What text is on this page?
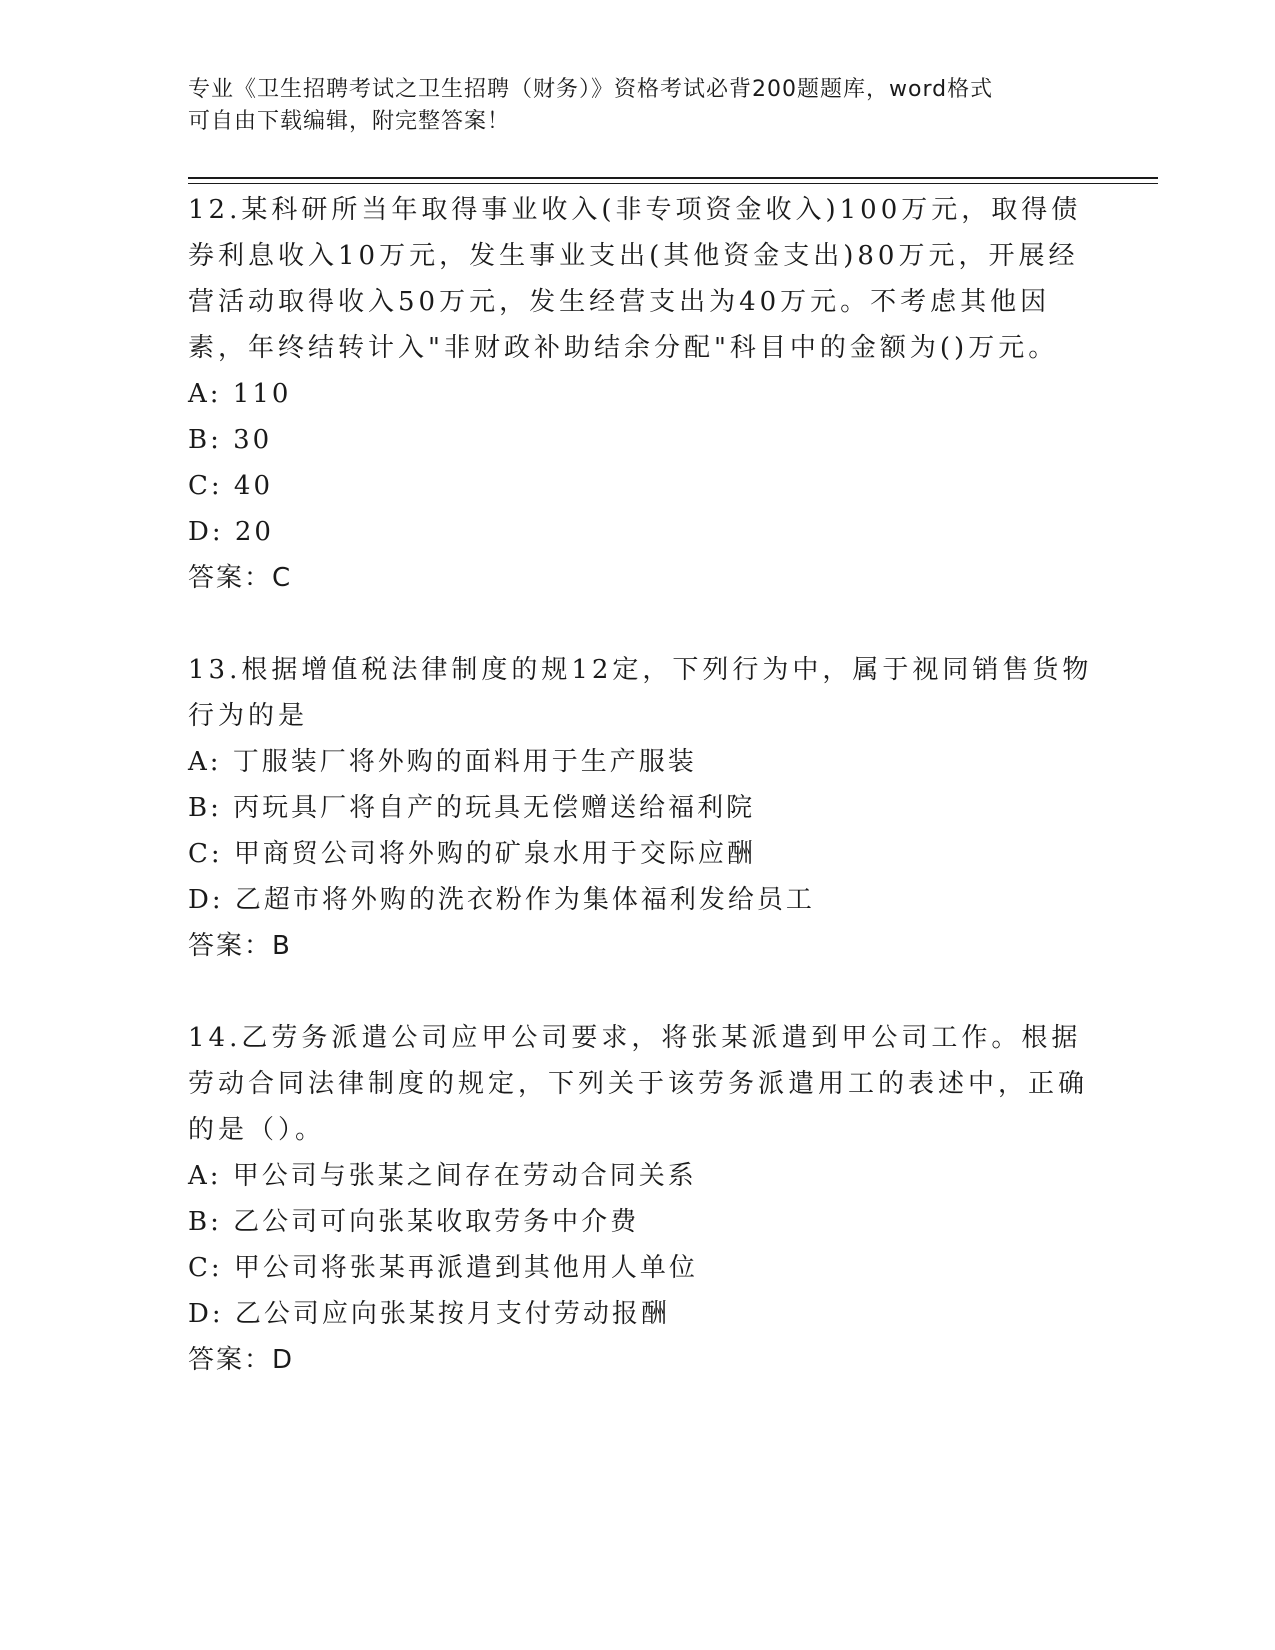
专业《卫生招聘考试之卫生招聘（财务）》资格考试必背200题题库，word格式
可自由下载编辑，附完整答案！
12.某科研所当年取得事业收入(非专项资金收入)100万元，取得债券利息收入10万元，发生事业支出(其他资金支出)80万元，开展经营活动取得收入50万元，发生经营支出为40万元。不考虑其他因素，年终结转计入"非财政补助结余分配"科目中的金额为()万元。
A: 110
B: 30
C: 40
D: 20
答案：C
13.根据增值税法律制度的规12定，下列行为中，属于视同销售货物行为的是
A: 丁服装厂将外购的面料用于生产服装
B: 丙玩具厂将自产的玩具无偿赠送给福利院
C: 甲商贸公司将外购的矿泉水用于交际应酬
D: 乙超市将外购的洗衣粉作为集体福利发给员工
答案：B
14.乙劳务派遣公司应甲公司要求，将张某派遣到甲公司工作。根据劳动合同法律制度的规定，下列关于该劳务派遣用工的表述中，正确的是（）。
A: 甲公司与张某之间存在劳动合同关系
B: 乙公司可向张某收取劳务中介费
C: 甲公司将张某再派遣到其他用人单位
D: 乙公司应向张某按月支付劳动报酬
答案：D
